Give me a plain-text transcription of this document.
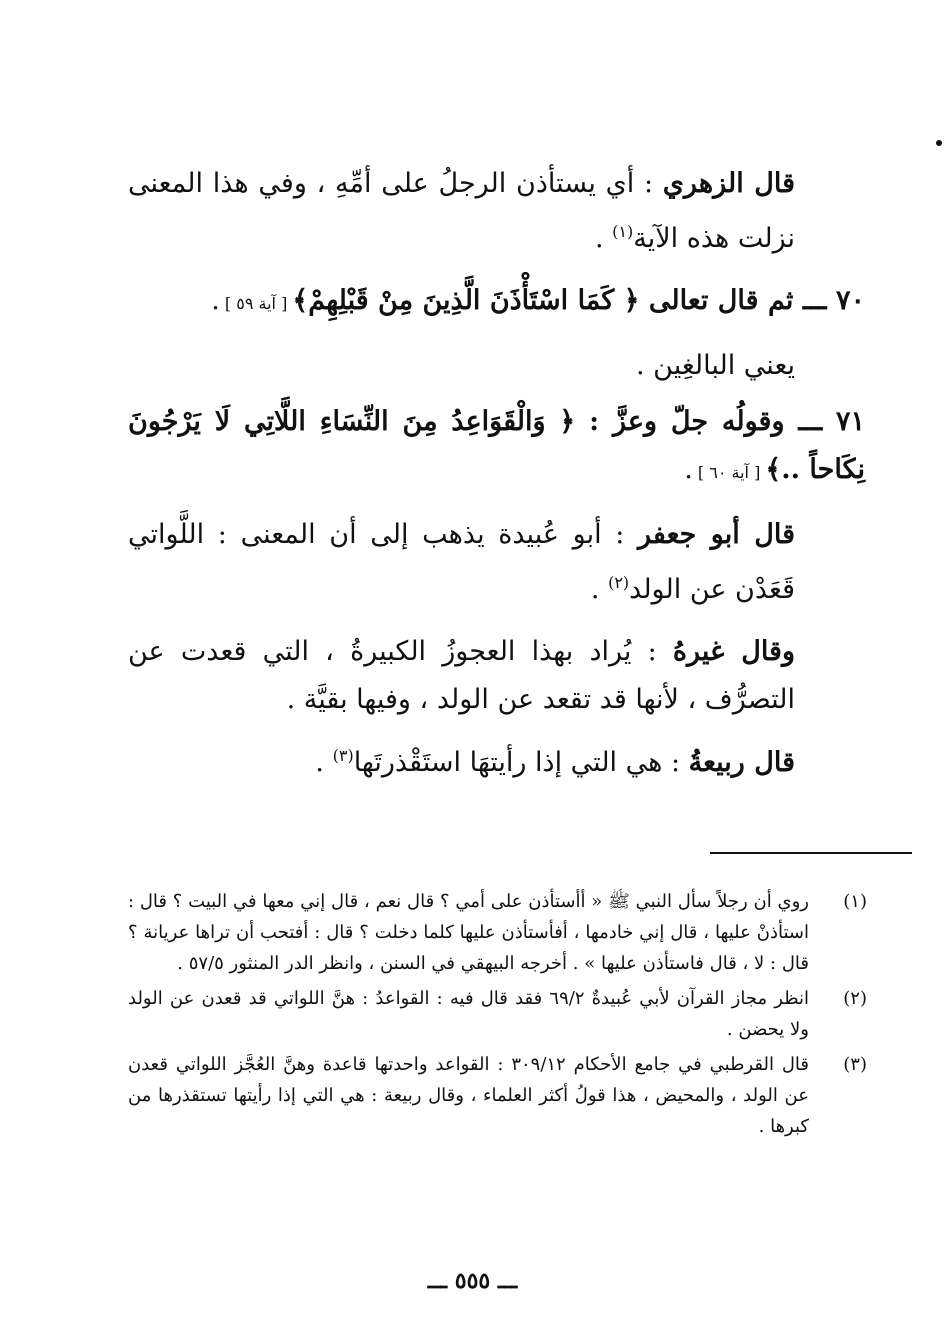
قال الزهري : أي يستأذن الرجلُ على أمِّهِ ، وفي هذا المعنى نزلت هذه الآية$^{(١)}$ .

٧٠ ـــ ثم قال تعالى ﴿ كَمَا اسْتَأْذَنَ الَّذِينَ مِنْ قَبْلِهِمْ﴾ [ آية ٥٩ ] .

يعني البالغِين .

٧١ ـــ وقولُه جلّ وعزَّ : ﴿ وَالْقَوَاعِدُ مِنَ النِّسَاءِ اللَّاتِي لَا يَرْجُونَ نِكَاحاً ..﴾ [ آية ٦٠ ] .

قال أبو جعفر : أبو عُبيدة يذهب إلى أن المعنى : اللَّواتي قَعَدْن عن الولد$^{(٢)}$ .

وقال غيرهُ : يُراد بهذا العجوزُ الكبيرةُ ، التي قعدت عن التصرُّف ، لأنها قد تقعد عن الولد ، وفيها بقيَّة .

قال ربيعةُ : هي التي إذا رأيتهَا استَقْذرتَها$^{(٣)}$ .

(١)
روي أن رجلاً سأل النبي ﷺ « أأستأذن على أمي ؟ قال نعم ، قال إني معها في البيت ؟ قال : استأذنْ عليها ، قال إني خادمها ، أفأستأذن عليها كلما دخلت ؟ قال : أفتحب أن تراها عريانة ؟ قال : لا ، قال فاستأذن عليها » . أخرجه البيهقي في السنن ، وانظر الدر المنثور ٥٧/٥ .
(٢)
انظر مجاز القرآن لأبي عُبيدةٌ ٦٩/٢ فقد قال فيه : القواعدُ : هنَّ اللواتي قد قعدن عن الولد ولا يحضن .
(٣)
قال القرطبي في جامع الأحكام ٣٠٩/١٢ : القواعد واحدتها قاعدة وهنَّ العُجَّز اللواتي قعدن عن الولد ، والمحيض ، هذا قولُ أكثر العلماء ، وقال ربيعة : هي التي إذا رأيتها تستقذرها من كبرها .
ـــ ٥٥٥ ـــ
